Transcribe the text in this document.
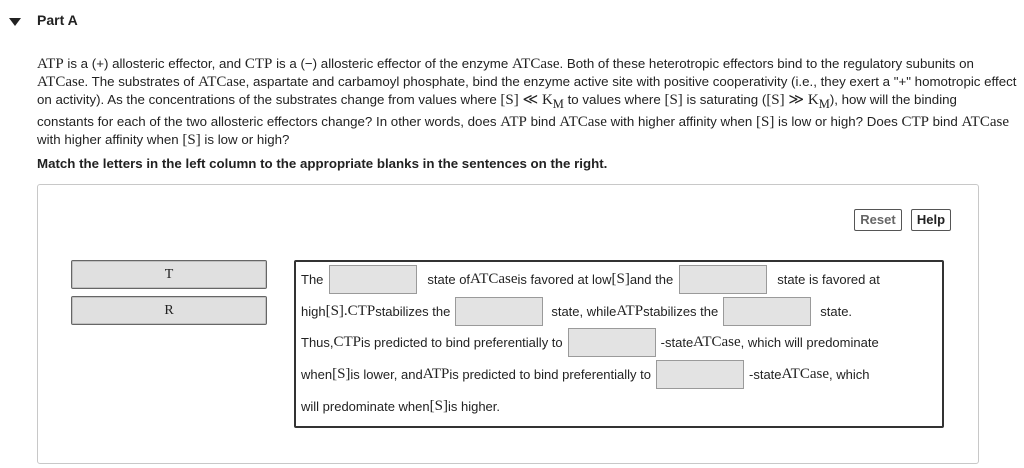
Part A

ATP is a (+) allosteric effector, and CTP is a (−) allosteric effector of the enzyme ATCase. Both of these heterotropic effectors bind to the regulatory subunits on ATCase. The substrates of ATCase, aspartate and carbamoyl phosphate, bind the enzyme active site with positive cooperativity (i.e., they exert a "+" homotropic effect on activity). As the concentrations of the substrates change from values where [S] ≪ $K_M$ to values where [S] is saturating ([S] ≫ $K_M$), how will the binding constants for each of the two allosteric effectors change? In other words, does ATP bind ATCase with higher affinity when [S] is low or high? Does CTP bind ATCase with higher affinity when [S] is low or high?

Match the letters in the left column to the appropriate blanks in the sentences on the right.
Reset	Help
T
R
The	state of ATCase is favored at low [S] and the	state is favored at
high [S] . CTP stabilizes the	state, while ATP stabilizes the	state.
Thus, CTP is predicted to bind preferentially to	-state ATCase , which will predominate
when [S] is lower, and ATP is predicted to bind preferentially to	-state ATCase , which
will predominate when [S] is higher.
